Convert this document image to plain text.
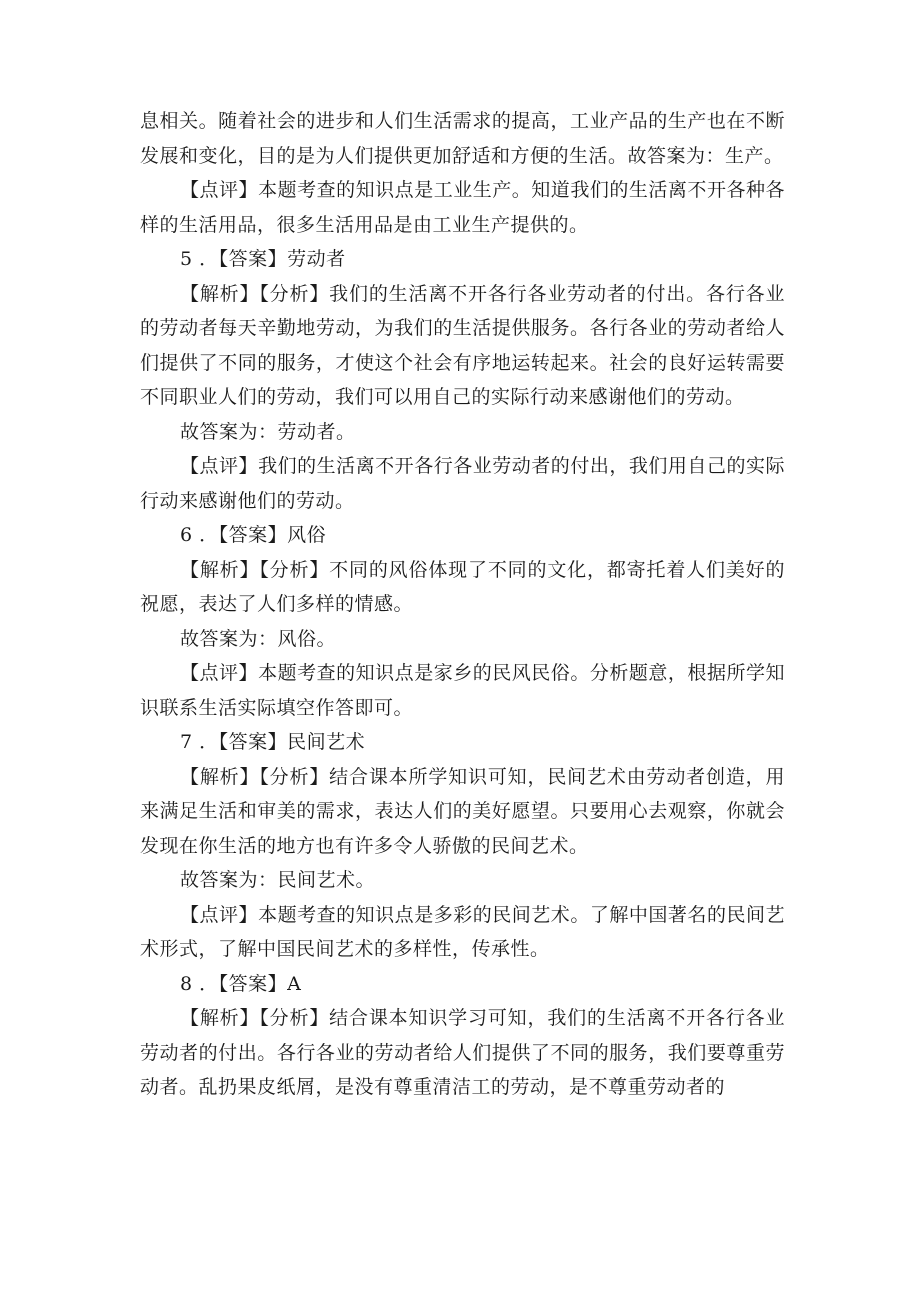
息相关。随着社会的进步和人们生活需求的提高，工业产品的生产也在不断发展和变化，目的是为人们提供更加舒适和方便的生活。故答案为：生产。

【点评】本题考查的知识点是工业生产。知道我们的生活离不开各种各样的生活用品，很多生活用品是由工业生产提供的。

5 ．【答案】劳动者

【解析】【分析】我们的生活离不开各行各业劳动者的付出。各行各业的劳动者每天辛勤地劳动，为我们的生活提供服务。各行各业的劳动者给人们提供了不同的服务，才使这个社会有序地运转起来。社会的良好运转需要不同职业人们的劳动，我们可以用自己的实际行动来感谢他们的劳动。

故答案为：劳动者。

【点评】我们的生活离不开各行各业劳动者的付出，我们用自己的实际行动来感谢他们的劳动。

6 ．【答案】风俗

【解析】【分析】不同的风俗体现了不同的文化，都寄托着人们美好的祝愿，表达了人们多样的情感。

故答案为：风俗。

【点评】本题考查的知识点是家乡的民风民俗。分析题意，根据所学知识联系生活实际填空作答即可。

7 ．【答案】民间艺术

【解析】【分析】结合课本所学知识可知，民间艺术由劳动者创造，用来满足生活和审美的需求，表达人们的美好愿望。只要用心去观察，你就会发现在你生活的地方也有许多令人骄傲的民间艺术。

故答案为：民间艺术。

【点评】本题考查的知识点是多彩的民间艺术。了解中国著名的民间艺术形式，了解中国民间艺术的多样性，传承性。

8 ．【答案】A

【解析】【分析】结合课本知识学习可知，我们的生活离不开各行各业劳动者的付出。各行各业的劳动者给人们提供了不同的服务，我们要尊重劳动者。乱扔果皮纸屑，是没有尊重清洁工的劳动，是不尊重劳动者的
